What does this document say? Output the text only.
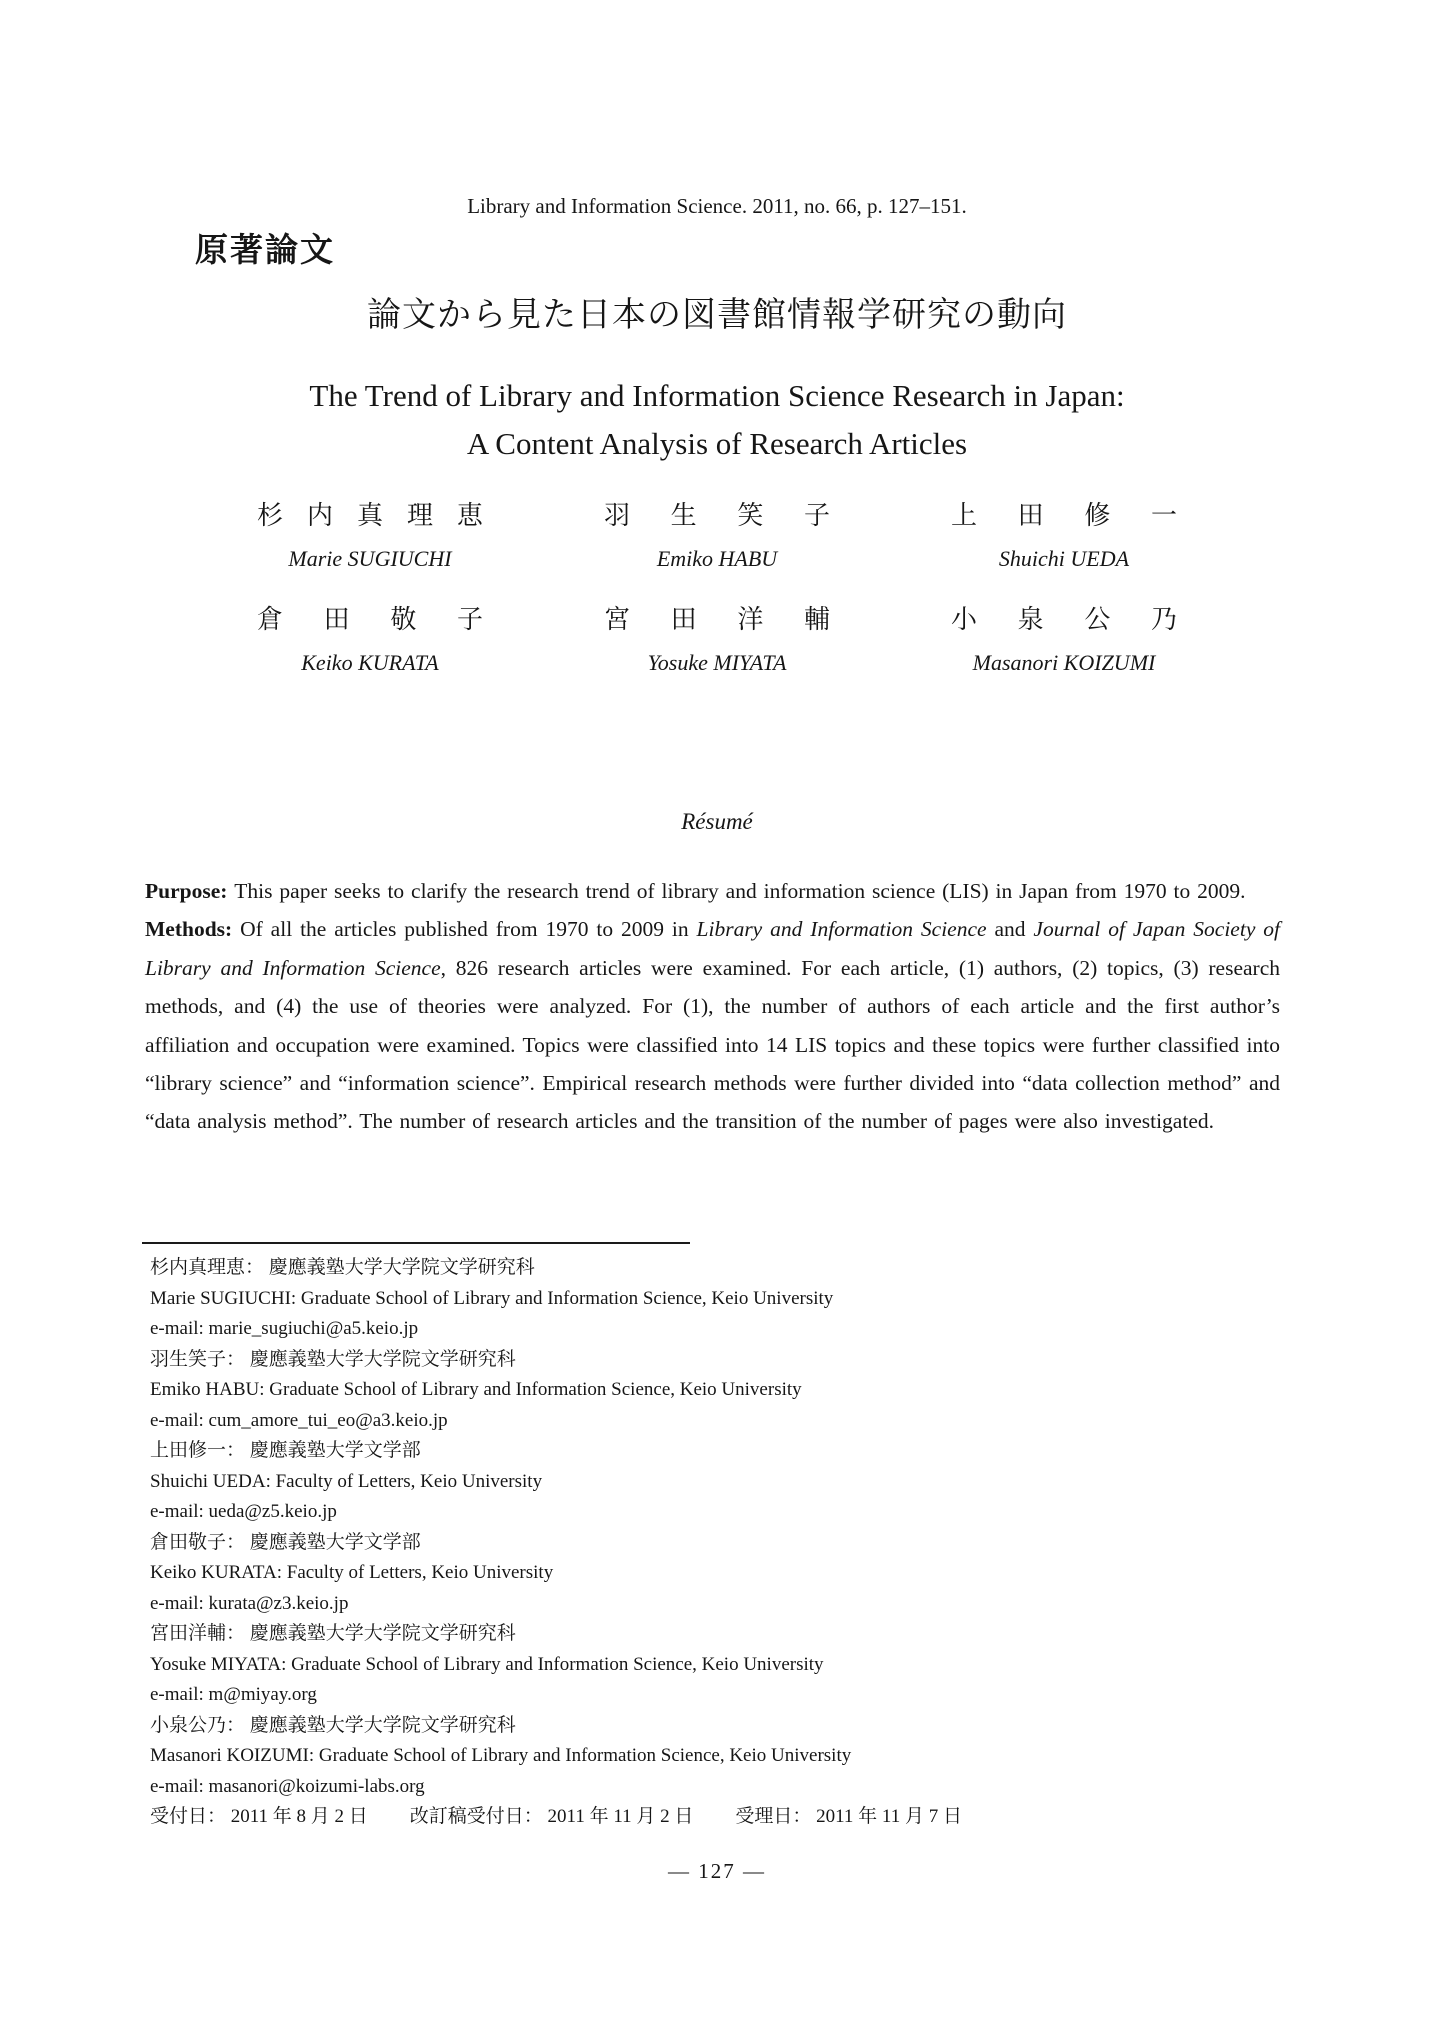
Library and Information Science. 2011, no. 66, p. 127–151.
原著論文
論文から見た日本の図書館情報学研究の動向
The Trend of Library and Information Science Research in Japan:
A Content Analysis of Research Articles
杉 内 真 理 恵
Marie SUGIUCHI
羽 生 笑 子
Emiko HABU
上 田 修 一
Shuichi UEDA
倉 田 敬 子
Keiko KURATA
宮 田 洋 輔
Yosuke MIYATA
小 泉 公 乃
Masanori KOIZUMI
Résumé

Purpose: This paper seeks to clarify the research trend of library and information science (LIS) in Japan from 1970 to 2009.

Methods: Of all the articles published from 1970 to 2009 in Library and Information Science and Journal of Japan Society of Library and Information Science, 826 research articles were examined. For each article, (1) authors, (2) topics, (3) research methods, and (4) the use of theories were analyzed. For (1), the number of authors of each article and the first author’s affiliation and occupation were examined. Topics were classified into 14 LIS topics and these topics were further classified into “library science” and “information science”. Empirical research methods were further divided into “data collection method” and “data analysis method”. The number of research articles and the transition of the number of pages were also investigated.

杉内真理恵： 慶應義塾大学大学院文学研究科
Marie SUGIUCHI: Graduate School of Library and Information Science, Keio University
e-mail: marie_sugiuchi@a5.keio.jp
羽生笑子： 慶應義塾大学大学院文学研究科
Emiko HABU: Graduate School of Library and Information Science, Keio University
e-mail: cum_amore_tui_eo@a3.keio.jp
上田修一： 慶應義塾大学文学部
Shuichi UEDA: Faculty of Letters, Keio University
e-mail: ueda@z5.keio.jp
倉田敬子： 慶應義塾大学文学部
Keiko KURATA: Faculty of Letters, Keio University
e-mail: kurata@z3.keio.jp
宮田洋輔： 慶應義塾大学大学院文学研究科
Yosuke MIYATA: Graduate School of Library and Information Science, Keio University
e-mail: m@miyay.org
小泉公乃： 慶應義塾大学大学院文学研究科
Masanori KOIZUMI: Graduate School of Library and Information Science, Keio University
e-mail: masanori@koizumi-labs.org
受付日： 2011 年 8 月 2 日 改訂稿受付日： 2011 年 11 月 2 日 受理日： 2011 年 11 月 7 日
— 127 —
